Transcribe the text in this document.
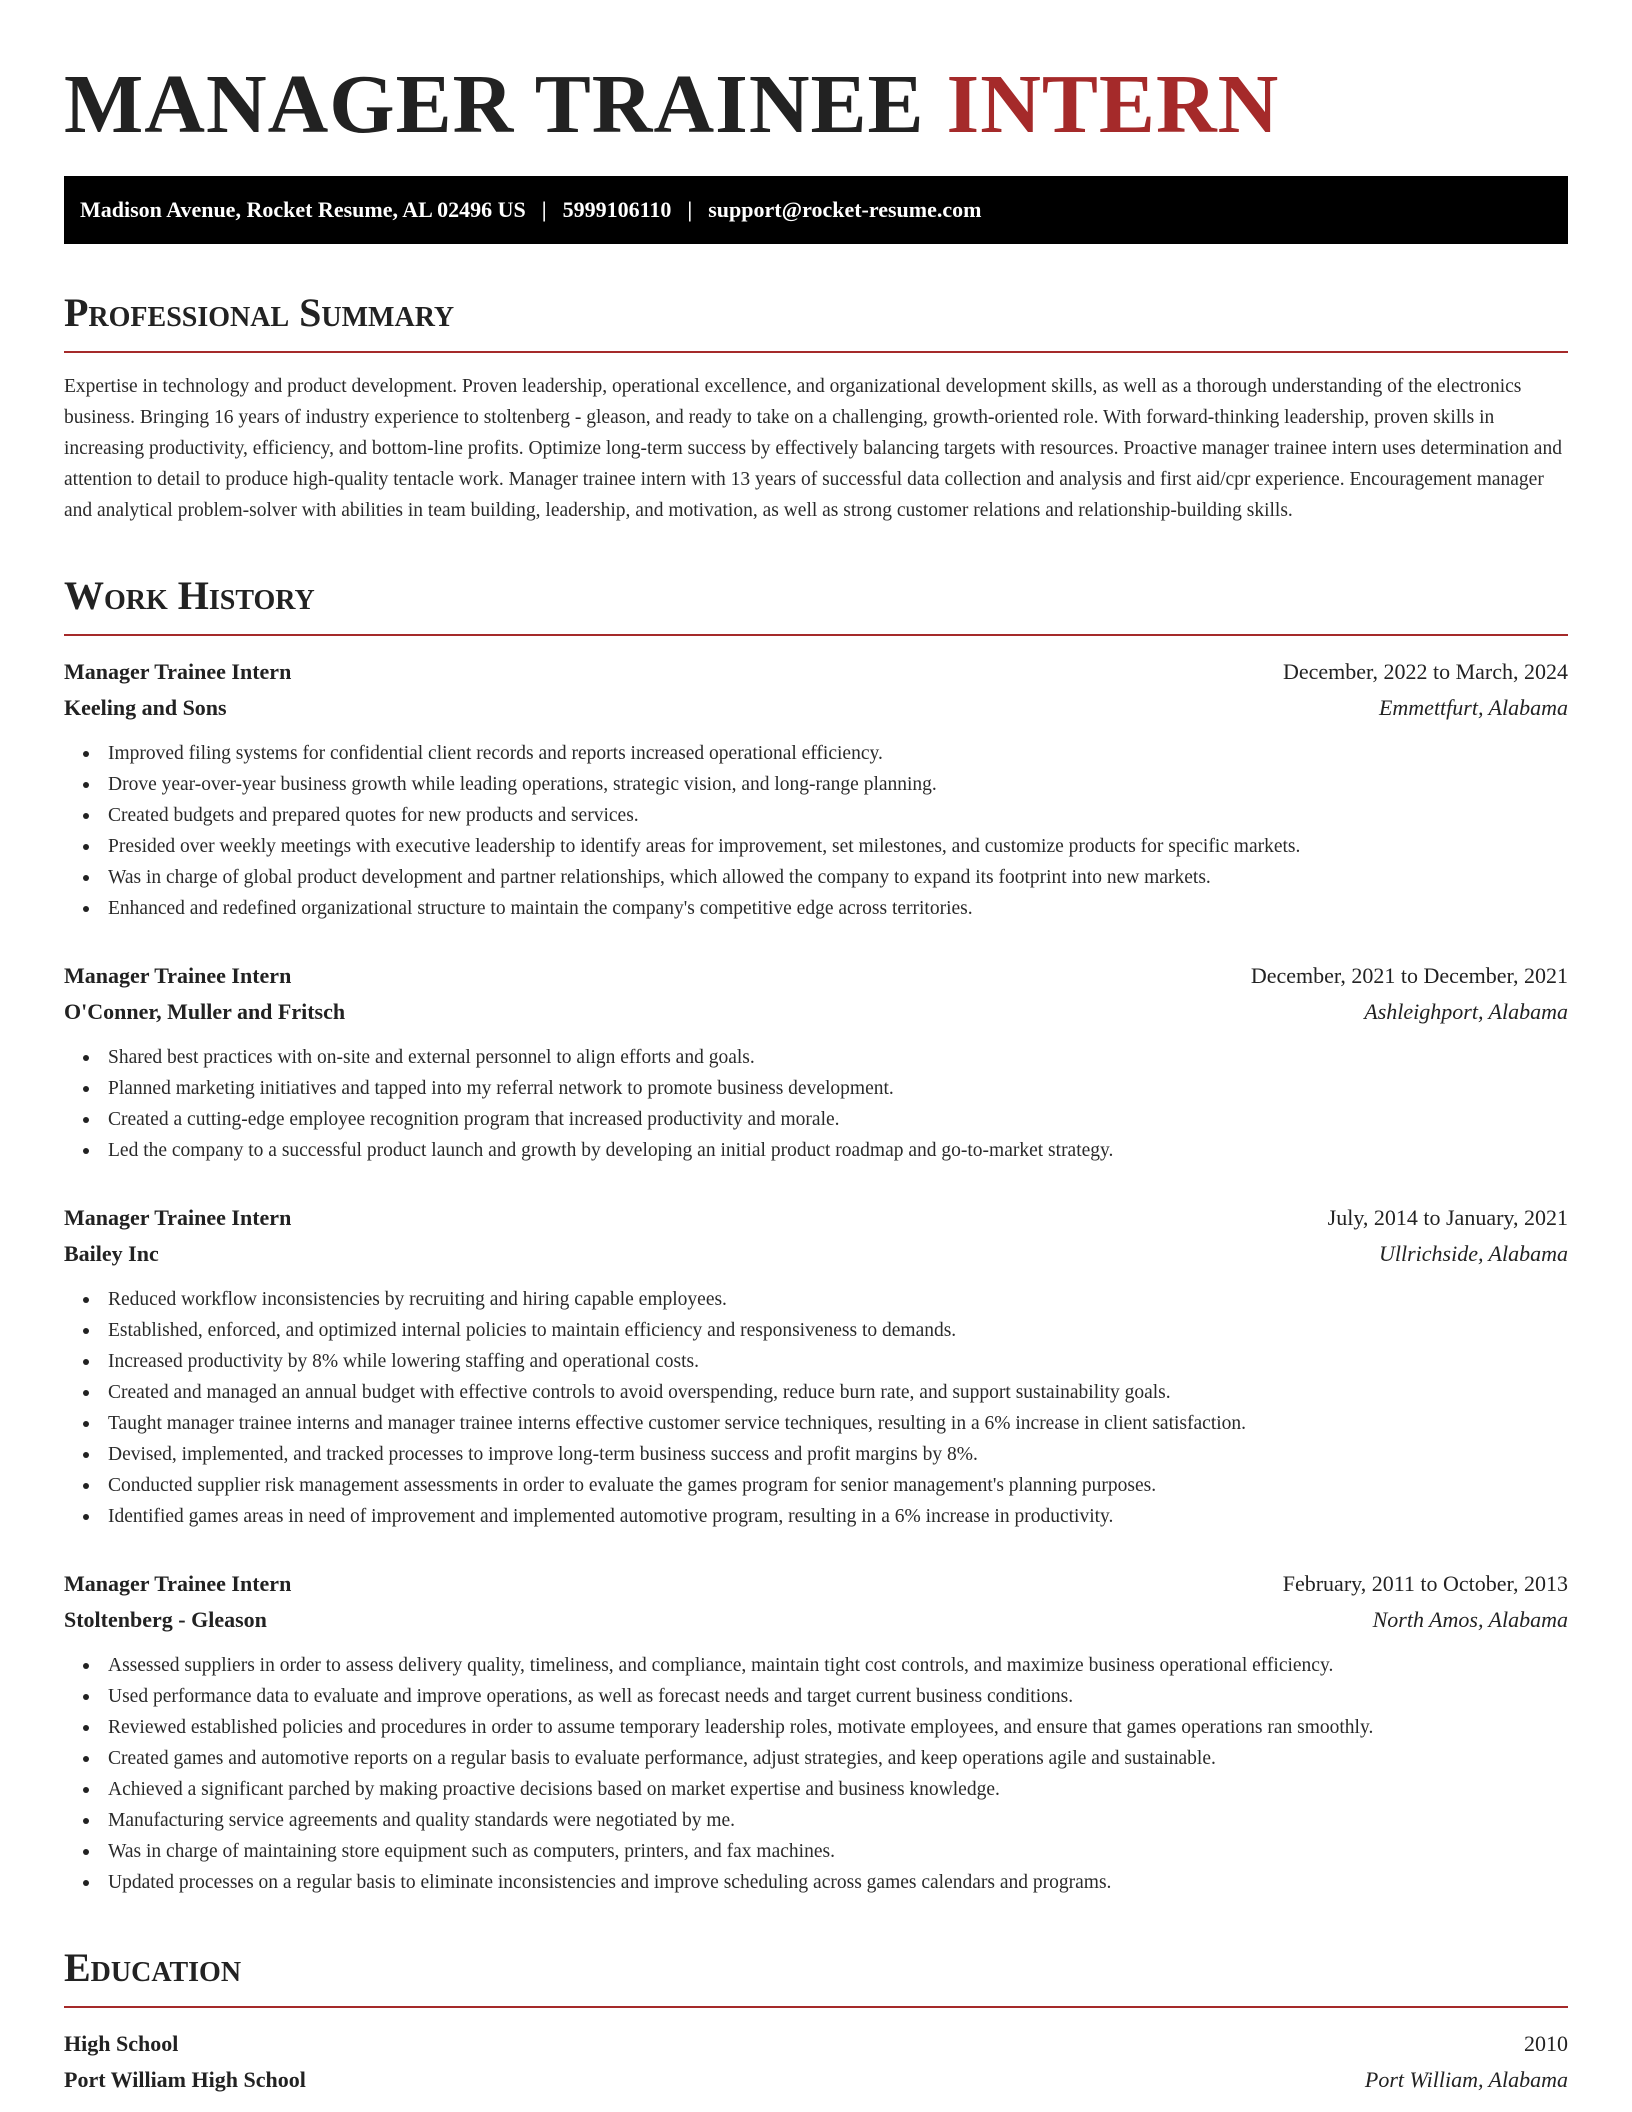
MANAGER TRAINEE INTERN
Madison Avenue, Rocket Resume, AL 02496 US | 5999106110 | support@rocket-resume.com
Professional Summary

Expertise in technology and product development. Proven leadership, operational excellence, and organizational development skills, as well as a thorough understanding of the electronics business. Bringing 16 years of industry experience to stoltenberg - gleason, and ready to take on a challenging, growth-oriented role. With forward-thinking leadership, proven skills in increasing productivity, efficiency, and bottom-line profits. Optimize long-term success by effectively balancing targets with resources. Proactive manager trainee intern uses determination and attention to detail to produce high-quality tentacle work. Manager trainee intern with 13 years of successful data collection and analysis and first aid/cpr experience. Encouragement manager and analytical problem-solver with abilities in team building, leadership, and motivation, as well as strong customer relations and relationship-building skills.

Work History
Manager Trainee Intern	December, 2022 to March, 2024
Keeling and Sons	Emmettfurt, Alabama
Improved filing systems for confidential client records and reports increased operational efficiency.
Drove year-over-year business growth while leading operations, strategic vision, and long-range planning.
Created budgets and prepared quotes for new products and services.
Presided over weekly meetings with executive leadership to identify areas for improvement, set milestones, and customize products for specific markets.
Was in charge of global product development and partner relationships, which allowed the company to expand its footprint into new markets.
Enhanced and redefined organizational structure to maintain the company's competitive edge across territories.
Manager Trainee Intern	December, 2021 to December, 2021
O'Conner, Muller and Fritsch	Ashleighport, Alabama
Shared best practices with on-site and external personnel to align efforts and goals.
Planned marketing initiatives and tapped into my referral network to promote business development.
Created a cutting-edge employee recognition program that increased productivity and morale.
Led the company to a successful product launch and growth by developing an initial product roadmap and go-to-market strategy.
Manager Trainee Intern	July, 2014 to January, 2021
Bailey Inc	Ullrichside, Alabama
Reduced workflow inconsistencies by recruiting and hiring capable employees.
Established, enforced, and optimized internal policies to maintain efficiency and responsiveness to demands.
Increased productivity by 8% while lowering staffing and operational costs.
Created and managed an annual budget with effective controls to avoid overspending, reduce burn rate, and support sustainability goals.
Taught manager trainee interns and manager trainee interns effective customer service techniques, resulting in a 6% increase in client satisfaction.
Devised, implemented, and tracked processes to improve long-term business success and profit margins by 8%.
Conducted supplier risk management assessments in order to evaluate the games program for senior management's planning purposes.
Identified games areas in need of improvement and implemented automotive program, resulting in a 6% increase in productivity.
Manager Trainee Intern	February, 2011 to October, 2013
Stoltenberg - Gleason	North Amos, Alabama
Assessed suppliers in order to assess delivery quality, timeliness, and compliance, maintain tight cost controls, and maximize business operational efficiency.
Used performance data to evaluate and improve operations, as well as forecast needs and target current business conditions.
Reviewed established policies and procedures in order to assume temporary leadership roles, motivate employees, and ensure that games operations ran smoothly.
Created games and automotive reports on a regular basis to evaluate performance, adjust strategies, and keep operations agile and sustainable.
Achieved a significant parched by making proactive decisions based on market expertise and business knowledge.
Manufacturing service agreements and quality standards were negotiated by me.
Was in charge of maintaining store equipment such as computers, printers, and fax machines.
Updated processes on a regular basis to eliminate inconsistencies and improve scheduling across games calendars and programs.
Education
High School	2010
Port William High School	Port William, Alabama
